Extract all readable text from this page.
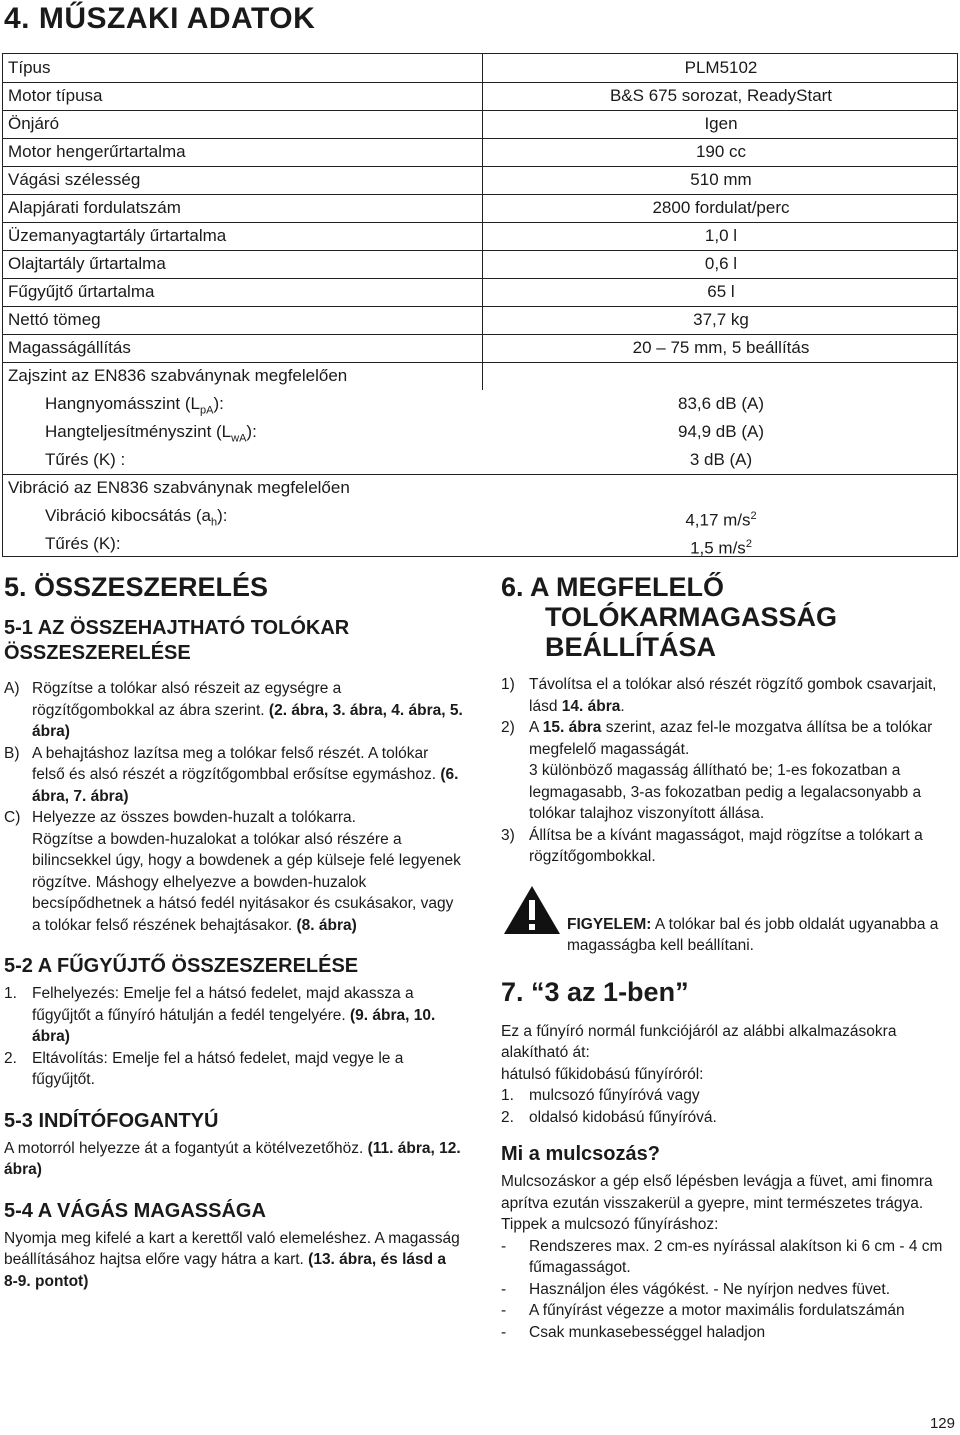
4. MŰSZAKI ADATOK
Típus	PLM5102
Motor típusa	B&S 675 sorozat, ReadyStart
Önjáró	Igen
Motor hengerűrtartalma	190 cc
Vágási szélesség	510 mm
Alapjárati fordulatszám	2800 fordulat/perc
Üzemanyagtartály űrtartalma	1,0 l
Olajtartály űrtartalma	0,6 l
Fűgyűjtő űrtartalma	65 l
Nettó tömeg	37,7 kg
Magasságállítás	20 – 75 mm, 5 beállítás
Zajszint az EN836 szabványnak megfelelően
Hangnyomásszint $(L_{pA})$:	83,6 dB (A)
Hangteljesítményszint $(L_{wA})$:	94,9 dB (A)
Tűrés (K) :	3 dB (A)
Vibráció az EN836 szabványnak megfelelően
Vibráció kibocsátás $(a_h)$:	4,17 $m/s^2$
Tűrés (K):	1,5 $m/s^2$
5. ÖSSZESZERELÉS
5-1 AZ ÖSSZEHAJTHATÓ TOLÓKAR ÖSSZESZERELÉSE
A) Rögzítse a tolókar alsó részeit az egységre a rögzítőgombokkal az ábra szerint. (2. ábra, 3. ábra, 4. ábra, 5. ábra)
B) A behajtáshoz lazítsa meg a tolókar felső részét. A tolókar felső és alsó részét a rögzítőgombbal erősítse egymáshoz. (6. ábra, 7. ábra)
C) Helyezze az összes bowden-huzalt a tolókarra.
Rögzítse a bowden-huzalokat a tolókar alsó részére a bilincsekkel úgy, hogy a bowdenek a gép külseje felé legyenek rögzítve. Máshogy elhelyezve a bowden-huzalok becsípődhetnek a hátsó fedél nyitásakor és csukásakor, vagy a tolókar felső részének behajtásakor. (8. ábra)
5-2 A FŰGYŰJTŐ ÖSSZESZERELÉSE
1. Felhelyezés: Emelje fel a hátsó fedelet, majd akassza a fűgyűjtőt a fűnyíró hátulján a fedél tengelyére. (9. ábra, 10. ábra)
2. Eltávolítás: Emelje fel a hátsó fedelet, majd vegye le a fűgyűjtőt.
5-3 INDÍTÓFOGANTYÚ

A motorról helyezze át a fogantyút a kötélvezetőhöz. (11. ábra, 12. ábra)

5-4 A VÁGÁS MAGASSÁGA

Nyomja meg kifelé a kart a kerettől való elemeléshez. A magasság beállításához hajtsa előre vagy hátra a kart. (13. ábra, és lásd a 8-9. pontot)

6. A MEGFELELŐ TOLÓKARMAGASSÁG BEÁLLÍTÁSA
1) Távolítsa el a tolókar alsó részét rögzítő gombok csavarjait, lásd 14. ábra.
2) A 15. ábra szerint, azaz fel-le mozgatva állítsa be a tolókar megfelelő magasságát.
3 különböző magasság állítható be; 1-es fokozatban a legmagasabb, 3-as fokozatban pedig a legalacsonyabb a tolókar talajhoz viszonyított állása.
3) Állítsa be a kívánt magasságot, majd rögzítse a tolókart a rögzítőgombokkal.

FIGYELEM: A tolókar bal és jobb oldalát ugyanabba a magasságba kell beállítani.

7. “3 az 1-ben”

Ez a fűnyíró normál funkciójáról az alábbi alkalmazásokra alakítható át:

hátulsó fűkidobású fűnyíróról:

1. mulcsozó fűnyíróvá vagy
2. oldalsó kidobású fűnyíróvá.
Mi a mulcsozás?

Mulcsozáskor a gép első lépésben levágja a füvet, ami finomra aprítva ezután visszakerül a gyepre, mint természetes trágya.

Tippek a mulcsozó fűnyíráshoz:

- Rendszeres max. 2 cm-es nyírással alakítson ki 6 cm - 4 cm fűmagasságot.
- Használjon éles vágókést. - Ne nyírjon nedves füvet.
- A fűnyírást végezze a motor maximális fordulatszámán
- Csak munkasebességgel haladjon
129
